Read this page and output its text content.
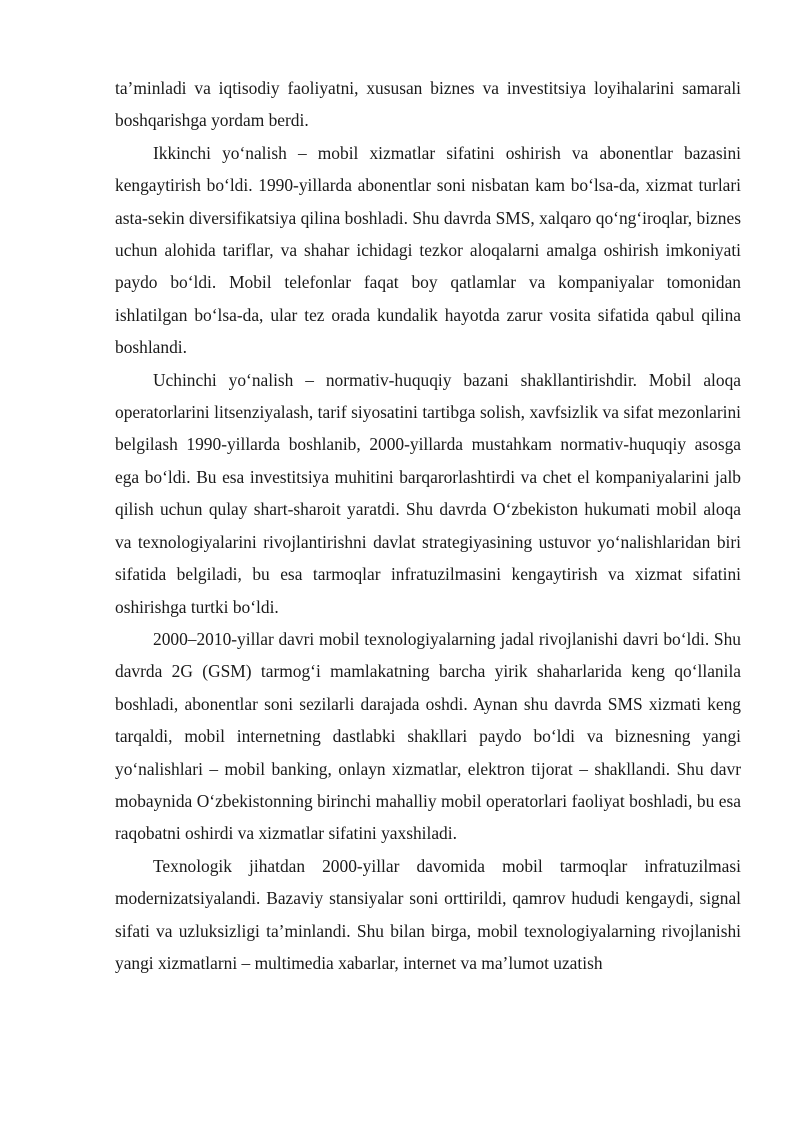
ta’minladi va iqtisodiy faoliyatni, xususan biznes va investitsiya loyihalarini samarali boshqarishga yordam berdi.

Ikkinchi yo‘nalish – mobil xizmatlar sifatini oshirish va abonentlar bazasini kengaytirish bo‘ldi. 1990-yillarda abonentlar soni nisbatan kam bo‘lsa-da, xizmat turlari asta-sekin diversifikatsiya qilina boshladi. Shu davrda SMS, xalqaro qo‘ng‘iroqlar, biznes uchun alohida tariflar, va shahar ichidagi tezkor aloqalarni amalga oshirish imkoniyati paydo bo‘ldi. Mobil telefonlar faqat boy qatlamlar va kompaniyalar tomonidan ishlatilgan bo‘lsa-da, ular tez orada kundalik hayotda zarur vosita sifatida qabul qilina boshlandi.

Uchinchi yo‘nalish – normativ-huquqiy bazani shakllantirishdir. Mobil aloqa operatorlarini litsenziyalash, tarif siyosatini tartibga solish, xavfsizlik va sifat mezonlarini belgilash 1990-yillarda boshlanib, 2000-yillarda mustahkam normativ-huquqiy asosga ega bo‘ldi. Bu esa investitsiya muhitini barqarorlashtirdi va chet el kompaniyalarini jalb qilish uchun qulay shart-sharoit yaratdi. Shu davrda O‘zbekiston hukumati mobil aloqa va texnologiyalarini rivojlantirishni davlat strategiyasining ustuvor yo‘nalishlaridan biri sifatida belgiladi, bu esa tarmoqlar infratuzilmasini kengaytirish va xizmat sifatini oshirishga turtki bo‘ldi.

2000–2010-yillar davri mobil texnologiyalarning jadal rivojlanishi davri bo‘ldi. Shu davrda 2G (GSM) tarmog‘i mamlakatning barcha yirik shaharlarida keng qo‘llanila boshladi, abonentlar soni sezilarli darajada oshdi. Aynan shu davrda SMS xizmati keng tarqaldi, mobil internetning dastlabki shakllari paydo bo‘ldi va biznesning yangi yo‘nalishlari – mobil banking, onlayn xizmatlar, elektron tijorat – shakllandi. Shu davr mobaynida O‘zbekistonning birinchi mahalliy mobil operatorlari faoliyat boshladi, bu esa raqobatni oshirdi va xizmatlar sifatini yaxshiladi.

Texnologik jihatdan 2000-yillar davomida mobil tarmoqlar infratuzilmasi modernizatsiyalandi. Bazaviy stansiyalar soni orttirildi, qamrov hududi kengaydi, signal sifati va uzluksizligi ta’minlandi. Shu bilan birga, mobil texnologiyalarning rivojlanishi yangi xizmatlarni – multimedia xabarlar, internet va ma’lumot uzatish
